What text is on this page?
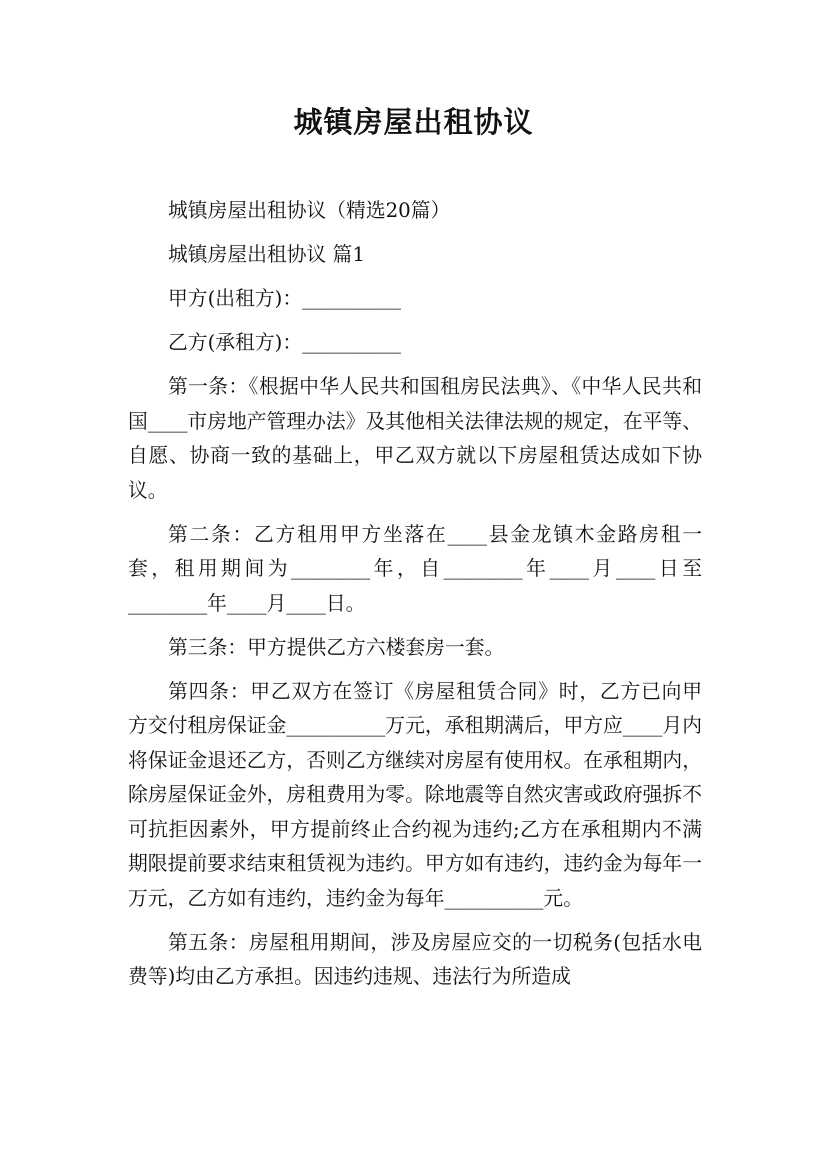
城镇房屋出租协议

城镇房屋出租协议（精选20篇）

城镇房屋出租协议 篇1

甲方(出租方)：__________

乙方(承租方)：__________

第一条：《根据中华人民共和国租房民法典》、《中华人民共和国____市房地产管理办法》及其他相关法律法规的规定，在平等、自愿、协商一致的基础上，甲乙双方就以下房屋租赁达成如下协议。

第二条：乙方租用甲方坐落在____县金龙镇木金路房租一套，租用期间为________年，自________年____月____日至________年____月____日。

第三条：甲方提供乙方六楼套房一套。

第四条：甲乙双方在签订《房屋租赁合同》时，乙方已向甲方交付租房保证金__________万元，承租期满后，甲方应____月内将保证金退还乙方，否则乙方继续对房屋有使用权。在承租期内，除房屋保证金外，房租费用为零。除地震等自然灾害或政府强拆不可抗拒因素外，甲方提前终止合约视为违约;乙方在承租期内不满期限提前要求结束租赁视为违约。甲方如有违约，违约金为每年一万元，乙方如有违约，违约金为每年__________元。

第五条：房屋租用期间，涉及房屋应交的一切税务(包括水电费等)均由乙方承担。因违约违规、违法行为所造成
